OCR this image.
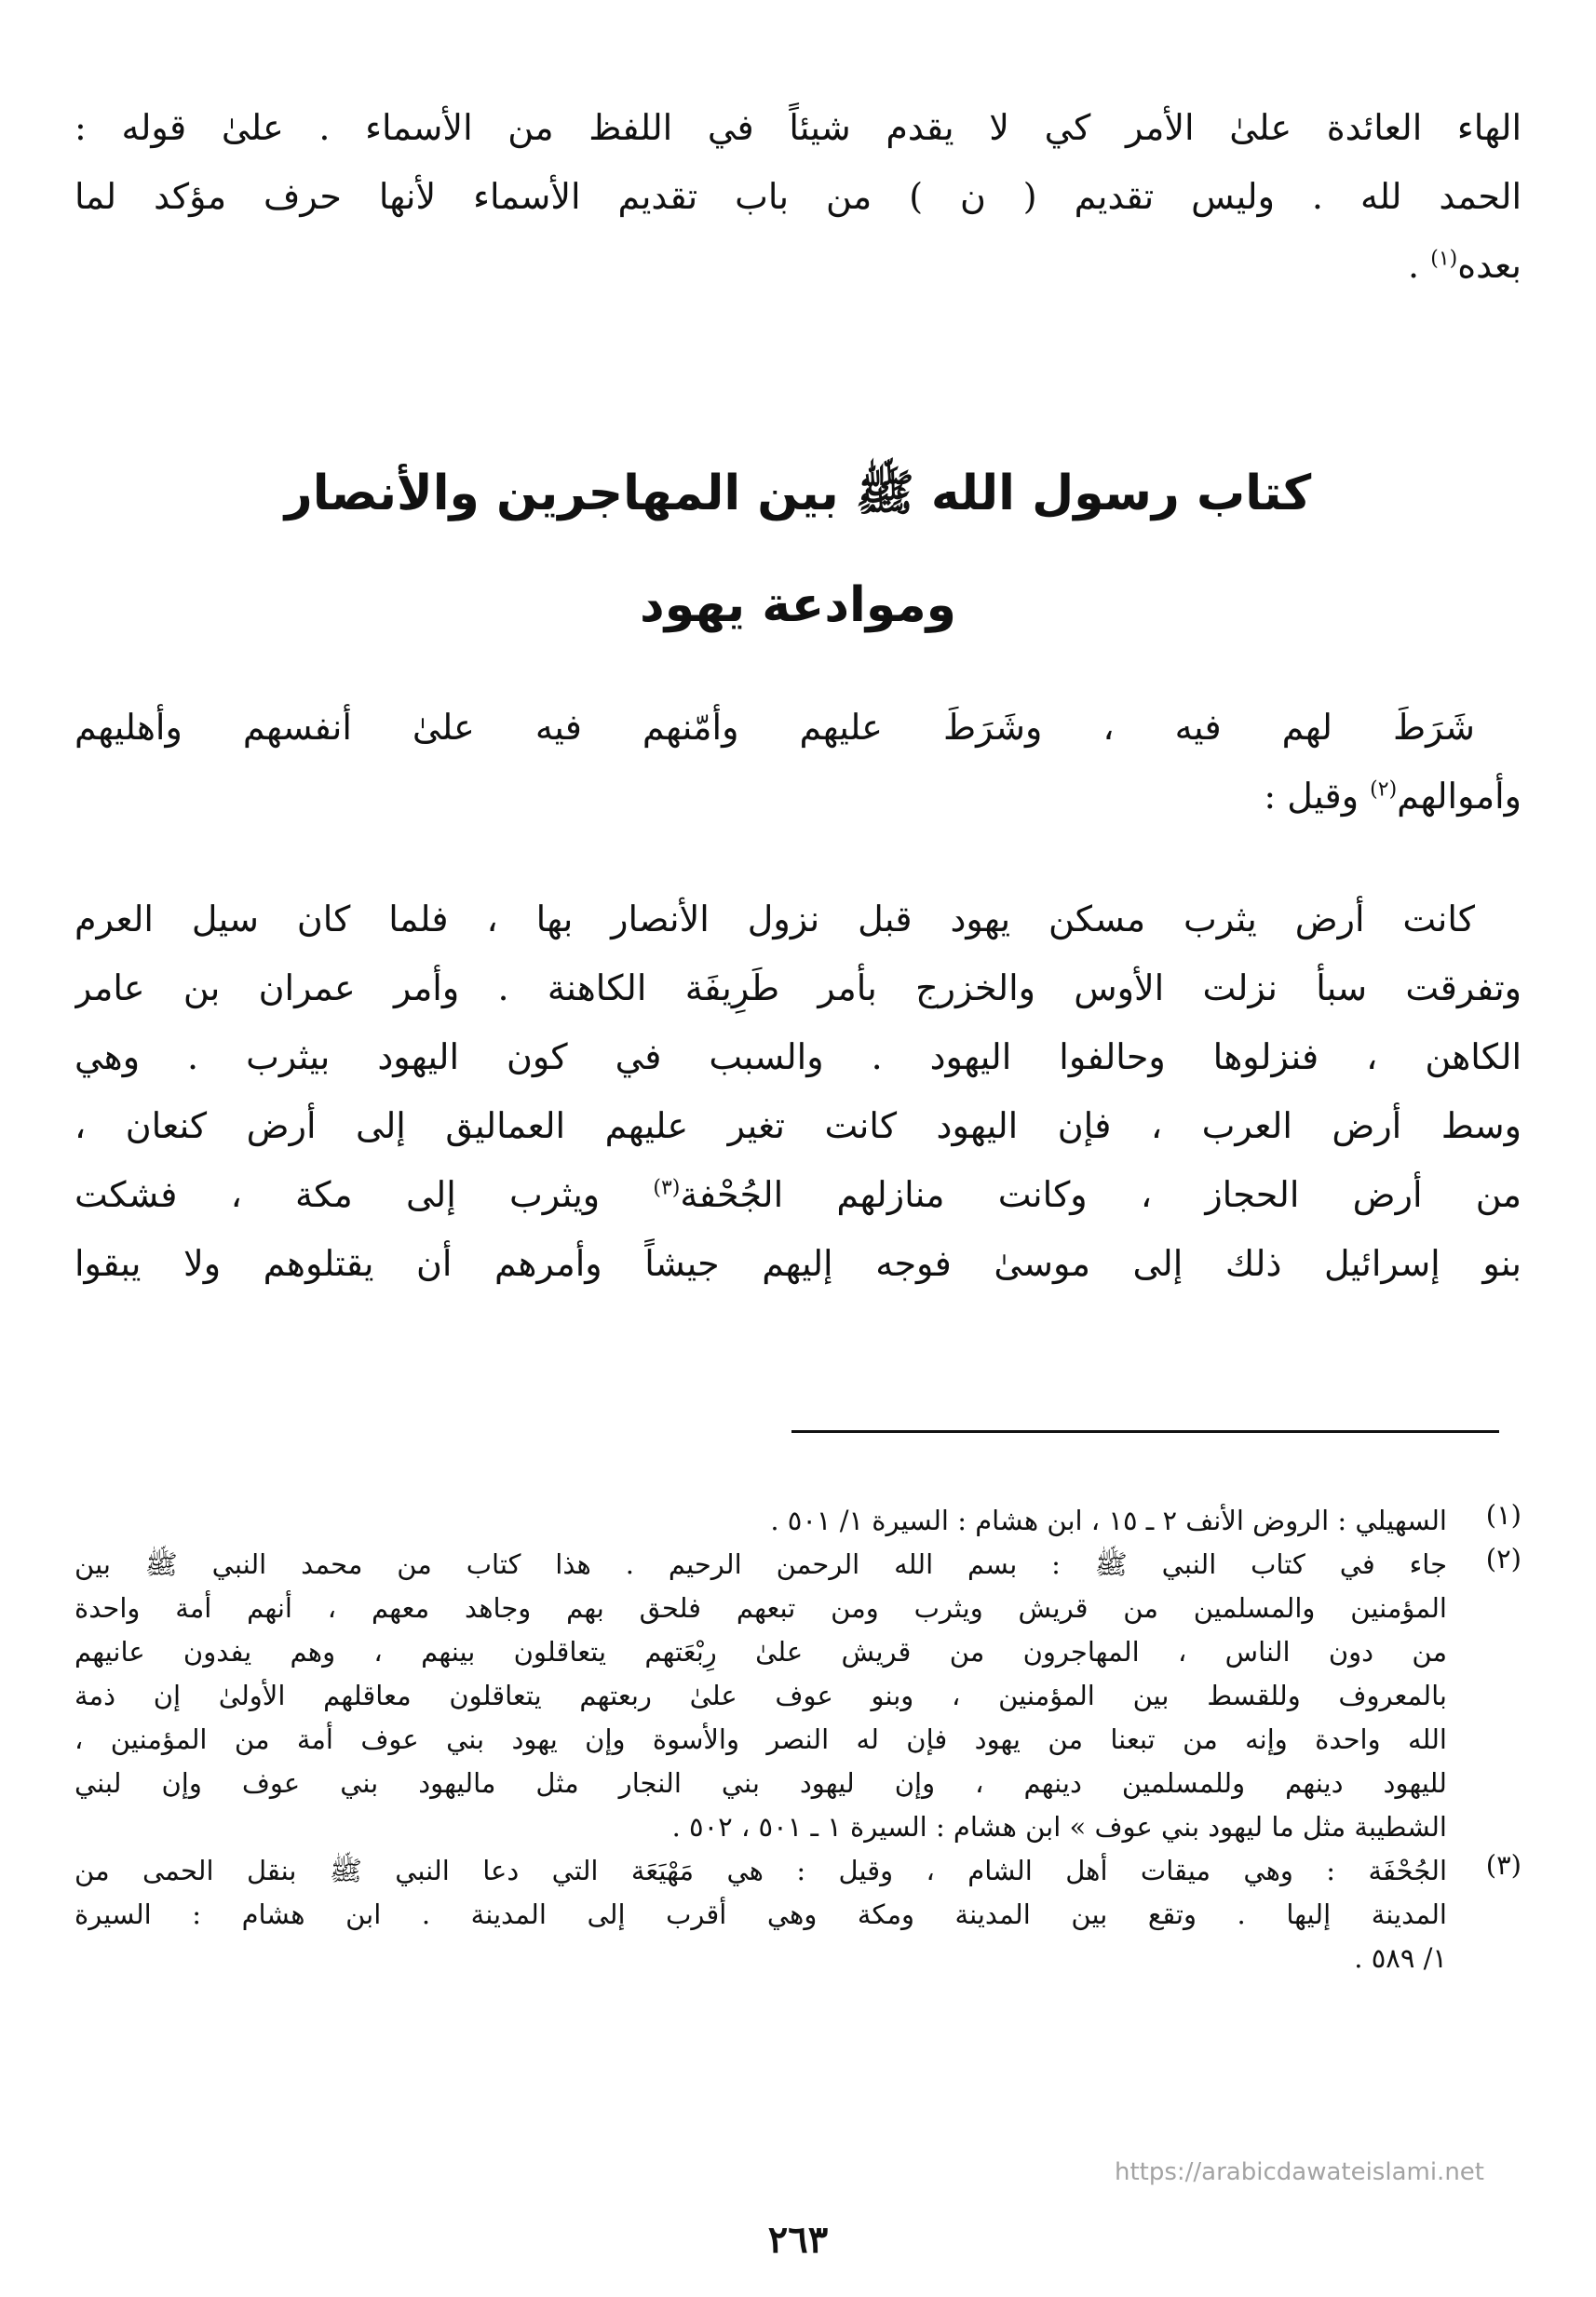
الهاء العائدة علىٰ الأمر كي لا يقدم شيئاً في اللفظ من الأسماء . علىٰ قوله :
الحمد لله . وليس تقديم ( ن ) من باب تقديم الأسماء لأنها حرف مؤكد لما
بعده$^{(١)}$ .
كتاب رسول الله ﷺ بين المهاجرين والأنصار
وموادعة يهود
شَرَطَ لهم فيه ، وشَرَطَ عليهم وأمّنهم فيه علىٰ أنفسهم وأهليهم
وأموالهم$^{(٢)}$ وقيل :
كانت أرض يثرب مسكن يهود قبل نزول الأنصار بها ، فلما كان سيل العرم
وتفرقت سبأ نزلت الأوس والخزرج بأمر طَرِيفَة الكاهنة . وأمر عمران بن عامر
الكاهن ، فنزلوها وحالفوا اليهود . والسبب في كون اليهود بيثرب . وهي
وسط أرض العرب ، فإن اليهود كانت تغير عليهم العماليق إلى أرض كنعان ،
من أرض الحجاز ، وكانت منازلهم الجُحْفة$^{(٣)}$ ويثرب إلى مكة ، فشكت
بنو إسرائيل ذلك إلى موسىٰ فوجه إليهم جيشاً وأمرهم أن يقتلوهم ولا يبقوا
(١)
السهيلي : الروض الأنف ٢ ـ ١٥ ، ابن هشام : السيرة ١/ ٥٠١ .
(٢)
جاء في كتاب النبي ﷺ : بسم الله الرحمن الرحيم . هذا كتاب من محمد النبي ﷺ بين
المؤمنين والمسلمين من قريش ويثرب ومن تبعهم فلحق بهم وجاهد معهم ، أنهم أمة واحدة
من دون الناس ، المهاجرون من قريش علىٰ رِبْعَتهم يتعاقلون بينهم ، وهم يفدون عانيهم
بالمعروف وللقسط بين المؤمنين ، وبنو عوف علىٰ ربعتهم يتعاقلون معاقلهم الأولىٰ إن ذمة
الله واحدة وإنه من تبعنا من يهود فإن له النصر والأسوة وإن يهود بني عوف أمة من المؤمنين ،
لليهود دينهم وللمسلمين دينهم ، وإن ليهود بني النجار مثل ماليهود بني عوف وإن لبني
الشطيبة مثل ما ليهود بني عوف » ابن هشام : السيرة ١ ـ ٥٠١ ، ٥٠٢ .
(٣)
الجُحْفَة : وهي ميقات أهل الشام ، وقيل : هي مَهْيَعَة التي دعا النبي ﷺ بنقل الحمى من
المدينة إليها . وتقع بين المدينة ومكة وهي أقرب إلى المدينة . ابن هشام : السيرة
١/ ٥٨٩ .
https://arabicdawateislami.net
٢٦٣
